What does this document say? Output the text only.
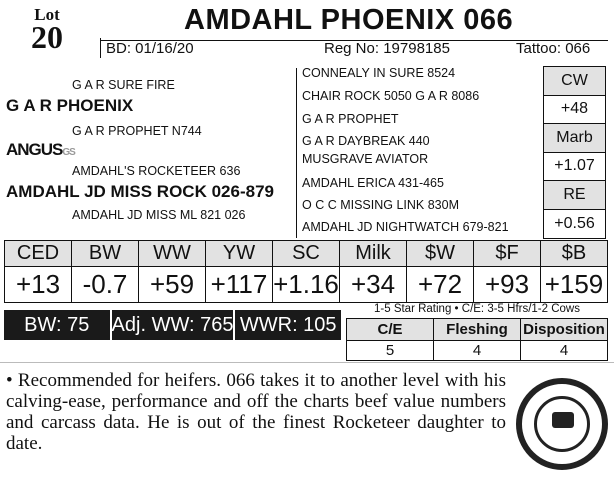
Lot
20	AMDAHL PHOENIX 066
BD: 01/16/20	Reg No: 19798185	Tattoo: 066
G A R SURE FIRE
G A R PHOENIX
G A R PROPHET N744
ANGUSGS
AMDAHL'S ROCKETEER 636
AMDAHL JD MISS ROCK 026-879
AMDAHL JD MISS ML 821 026
CONNEALY IN SURE 8524
CHAIR ROCK 5050 G A R 8086
G A R PROPHET
G A R DAYBREAK 440
MUSGRAVE AVIATOR
AMDAHL ERICA 431-465
O C C MISSING LINK 830M
AMDAHL JD NIGHTWATCH 679-821
CW
+48
Marb
+1.07
RE
+0.56
CED	BW	WW	YW	SC	Milk	$W	$F	$B
+13	-0.7	+59	+117	+1.16	+34	+72	+93	+159
BW: 75	Adj. WW: 765 WWR: 105
1-5 Star Rating • C/E: 3-5 Hfrs/1-2 Cows
C/E	Fleshing	Disposition
5	4	4
• Recommended for heifers. 066 takes it to another level with his calving-ease, performance and off the charts beef value numbers and carcass data. He is out of the finest Rocketeer daughter to date.
